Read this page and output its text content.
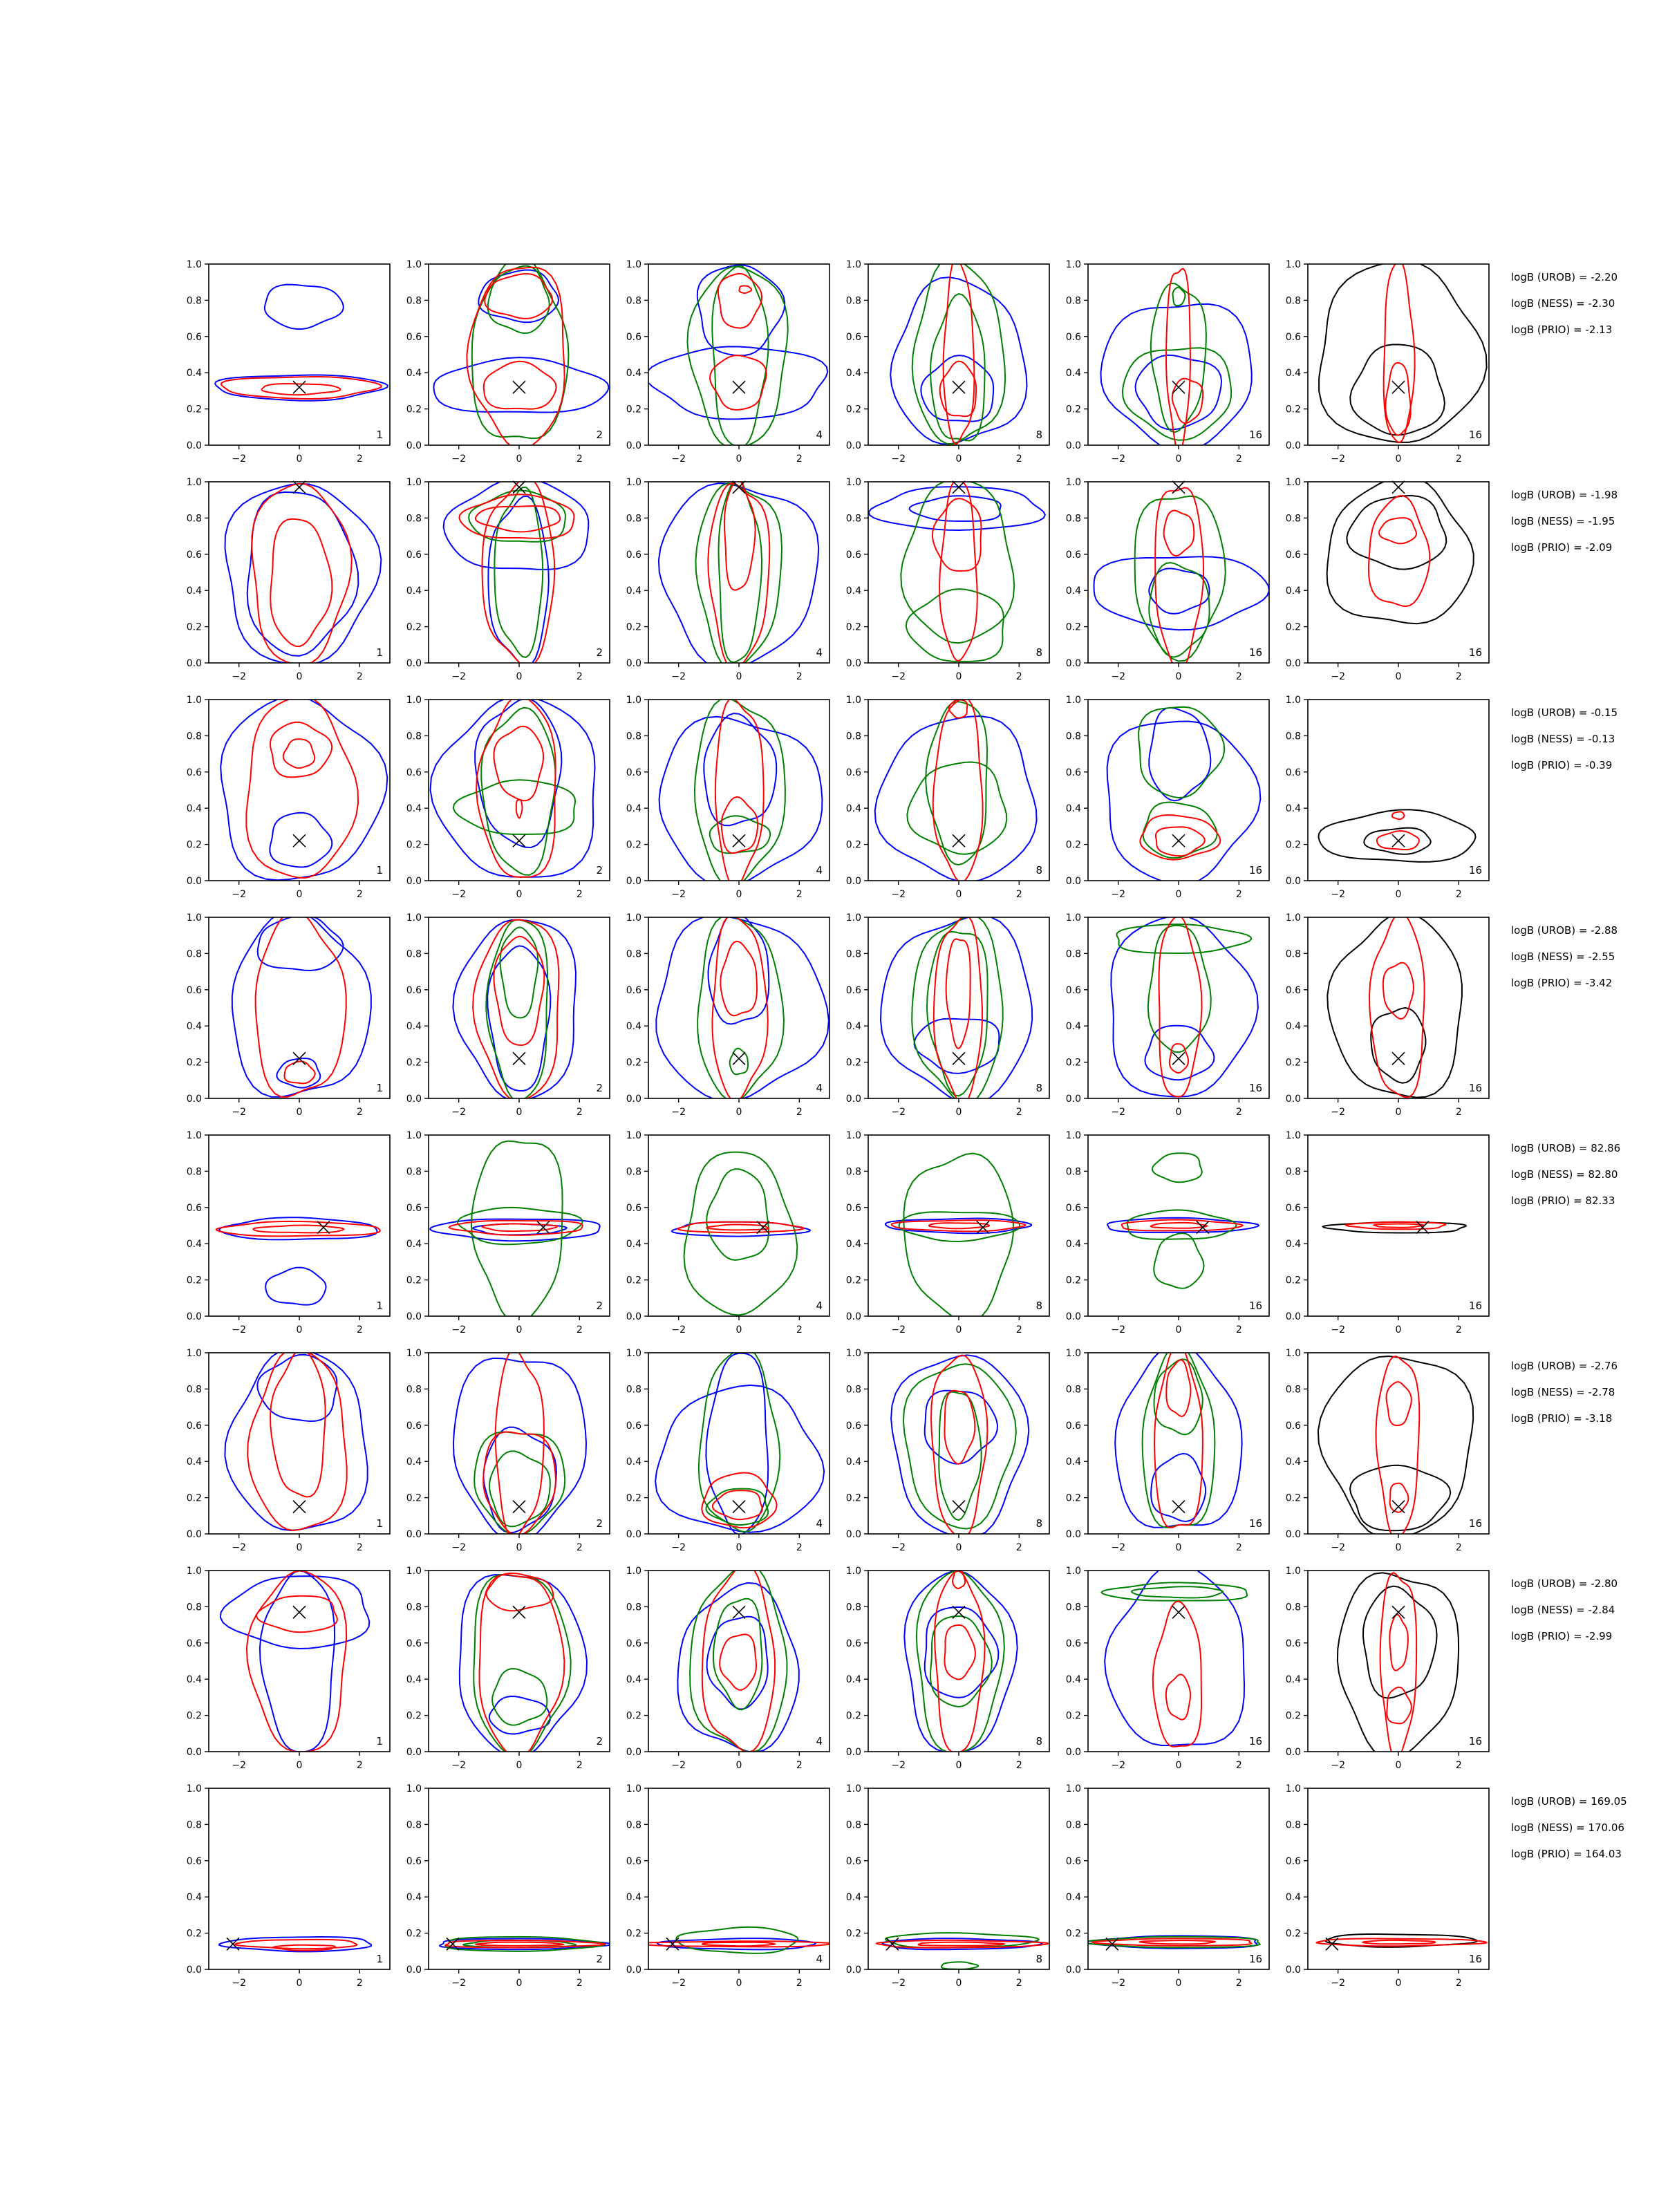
0.0
0.2
0.4
0.6
0.8
1.0
−2	0	2
1
0.0
0.2
0.4
0.6
0.8
1.0
−2	0	2
2
0.0
0.2
0.4
0.6
0.8
1.0
−2	0	2
4
0.0
0.2
0.4
0.6
0.8
1.0
−2	0	2
8
0.0
0.2
0.4
0.6
0.8
1.0
−2	0	2
16
0.0
0.2
0.4
0.6
0.8
1.0
−2	0	2
16
logB (UROB) = -2.20
logB (NESS) = -2.30
logB (PRIO) = -2.13
0.0
0.2
0.4
0.6
0.8
1.0
−2	0	2
1
0.0
0.2
0.4
0.6
0.8
1.0
−2	0	2
2
0.0
0.2
0.4
0.6
0.8
1.0
−2	0	2
4
0.0
0.2
0.4
0.6
0.8
1.0
−2	0	2
8
0.0
0.2
0.4
0.6
0.8
1.0
−2	0	2
16
0.0
0.2
0.4
0.6
0.8
1.0
−2	0	2
16
logB (UROB) = -1.98
logB (NESS) = -1.95
logB (PRIO) = -2.09
0.0
0.2
0.4
0.6
0.8
1.0
−2	0	2
1
0.0
0.2
0.4
0.6
0.8
1.0
−2	0	2
2
0.0
0.2
0.4
0.6
0.8
1.0
−2	0	2
4
0.0
0.2
0.4
0.6
0.8
1.0
−2	0	2
8
0.0
0.2
0.4
0.6
0.8
1.0
−2	0	2
16
0.0
0.2
0.4
0.6
0.8
1.0
−2	0	2
16
logB (UROB) = -0.15
logB (NESS) = -0.13
logB (PRIO) = -0.39
0.0
0.2
0.4
0.6
0.8
1.0
−2	0	2
1
0.0
0.2
0.4
0.6
0.8
1.0
−2	0	2
2
0.0
0.2
0.4
0.6
0.8
1.0
−2	0	2
4
0.0
0.2
0.4
0.6
0.8
1.0
−2	0	2
8
0.0
0.2
0.4
0.6
0.8
1.0
−2	0	2
16
0.0
0.2
0.4
0.6
0.8
1.0
−2	0	2
16
logB (UROB) = -2.88
logB (NESS) = -2.55
logB (PRIO) = -3.42
0.0
0.2
0.4
0.6
0.8
1.0
−2	0	2
1
0.0
0.2
0.4
0.6
0.8
1.0
−2	0	2
2
0.0
0.2
0.4
0.6
0.8
1.0
−2	0	2
4
0.0
0.2
0.4
0.6
0.8
1.0
−2	0	2
8
0.0
0.2
0.4
0.6
0.8
1.0
−2	0	2
16
0.0
0.2
0.4
0.6
0.8
1.0
−2	0	2
16
logB (UROB) = 82.86
logB (NESS) = 82.80
logB (PRIO) = 82.33
0.0
0.2
0.4
0.6
0.8
1.0
−2	0	2
1
0.0
0.2
0.4
0.6
0.8
1.0
−2	0	2
2
0.0
0.2
0.4
0.6
0.8
1.0
−2	0	2
4
0.0
0.2
0.4
0.6
0.8
1.0
−2	0	2
8
0.0
0.2
0.4
0.6
0.8
1.0
−2	0	2
16
0.0
0.2
0.4
0.6
0.8
1.0
−2	0	2
16
logB (UROB) = -2.76
logB (NESS) = -2.78
logB (PRIO) = -3.18
0.0
0.2
0.4
0.6
0.8
1.0
−2	0	2
1
0.0
0.2
0.4
0.6
0.8
1.0
−2	0	2
2
0.0
0.2
0.4
0.6
0.8
1.0
−2	0	2
4
0.0
0.2
0.4
0.6
0.8
1.0
−2	0	2
8
0.0
0.2
0.4
0.6
0.8
1.0
−2	0	2
16
0.0
0.2
0.4
0.6
0.8
1.0
−2	0	2
16
logB (UROB) = -2.80
logB (NESS) = -2.84
logB (PRIO) = -2.99
0.0
0.2
0.4
0.6
0.8
1.0
−2	0	2
1
0.0
0.2
0.4
0.6
0.8
1.0
−2	0	2
2
0.0
0.2
0.4
0.6
0.8
1.0
−2	0	2
4
0.0
0.2
0.4
0.6
0.8
1.0
−2	0	2
8
0.0
0.2
0.4
0.6
0.8
1.0
−2	0	2
16
0.0
0.2
0.4
0.6
0.8
1.0
−2	0	2
16
logB (UROB) = 169.05
logB (NESS) = 170.06
logB (PRIO) = 164.03
